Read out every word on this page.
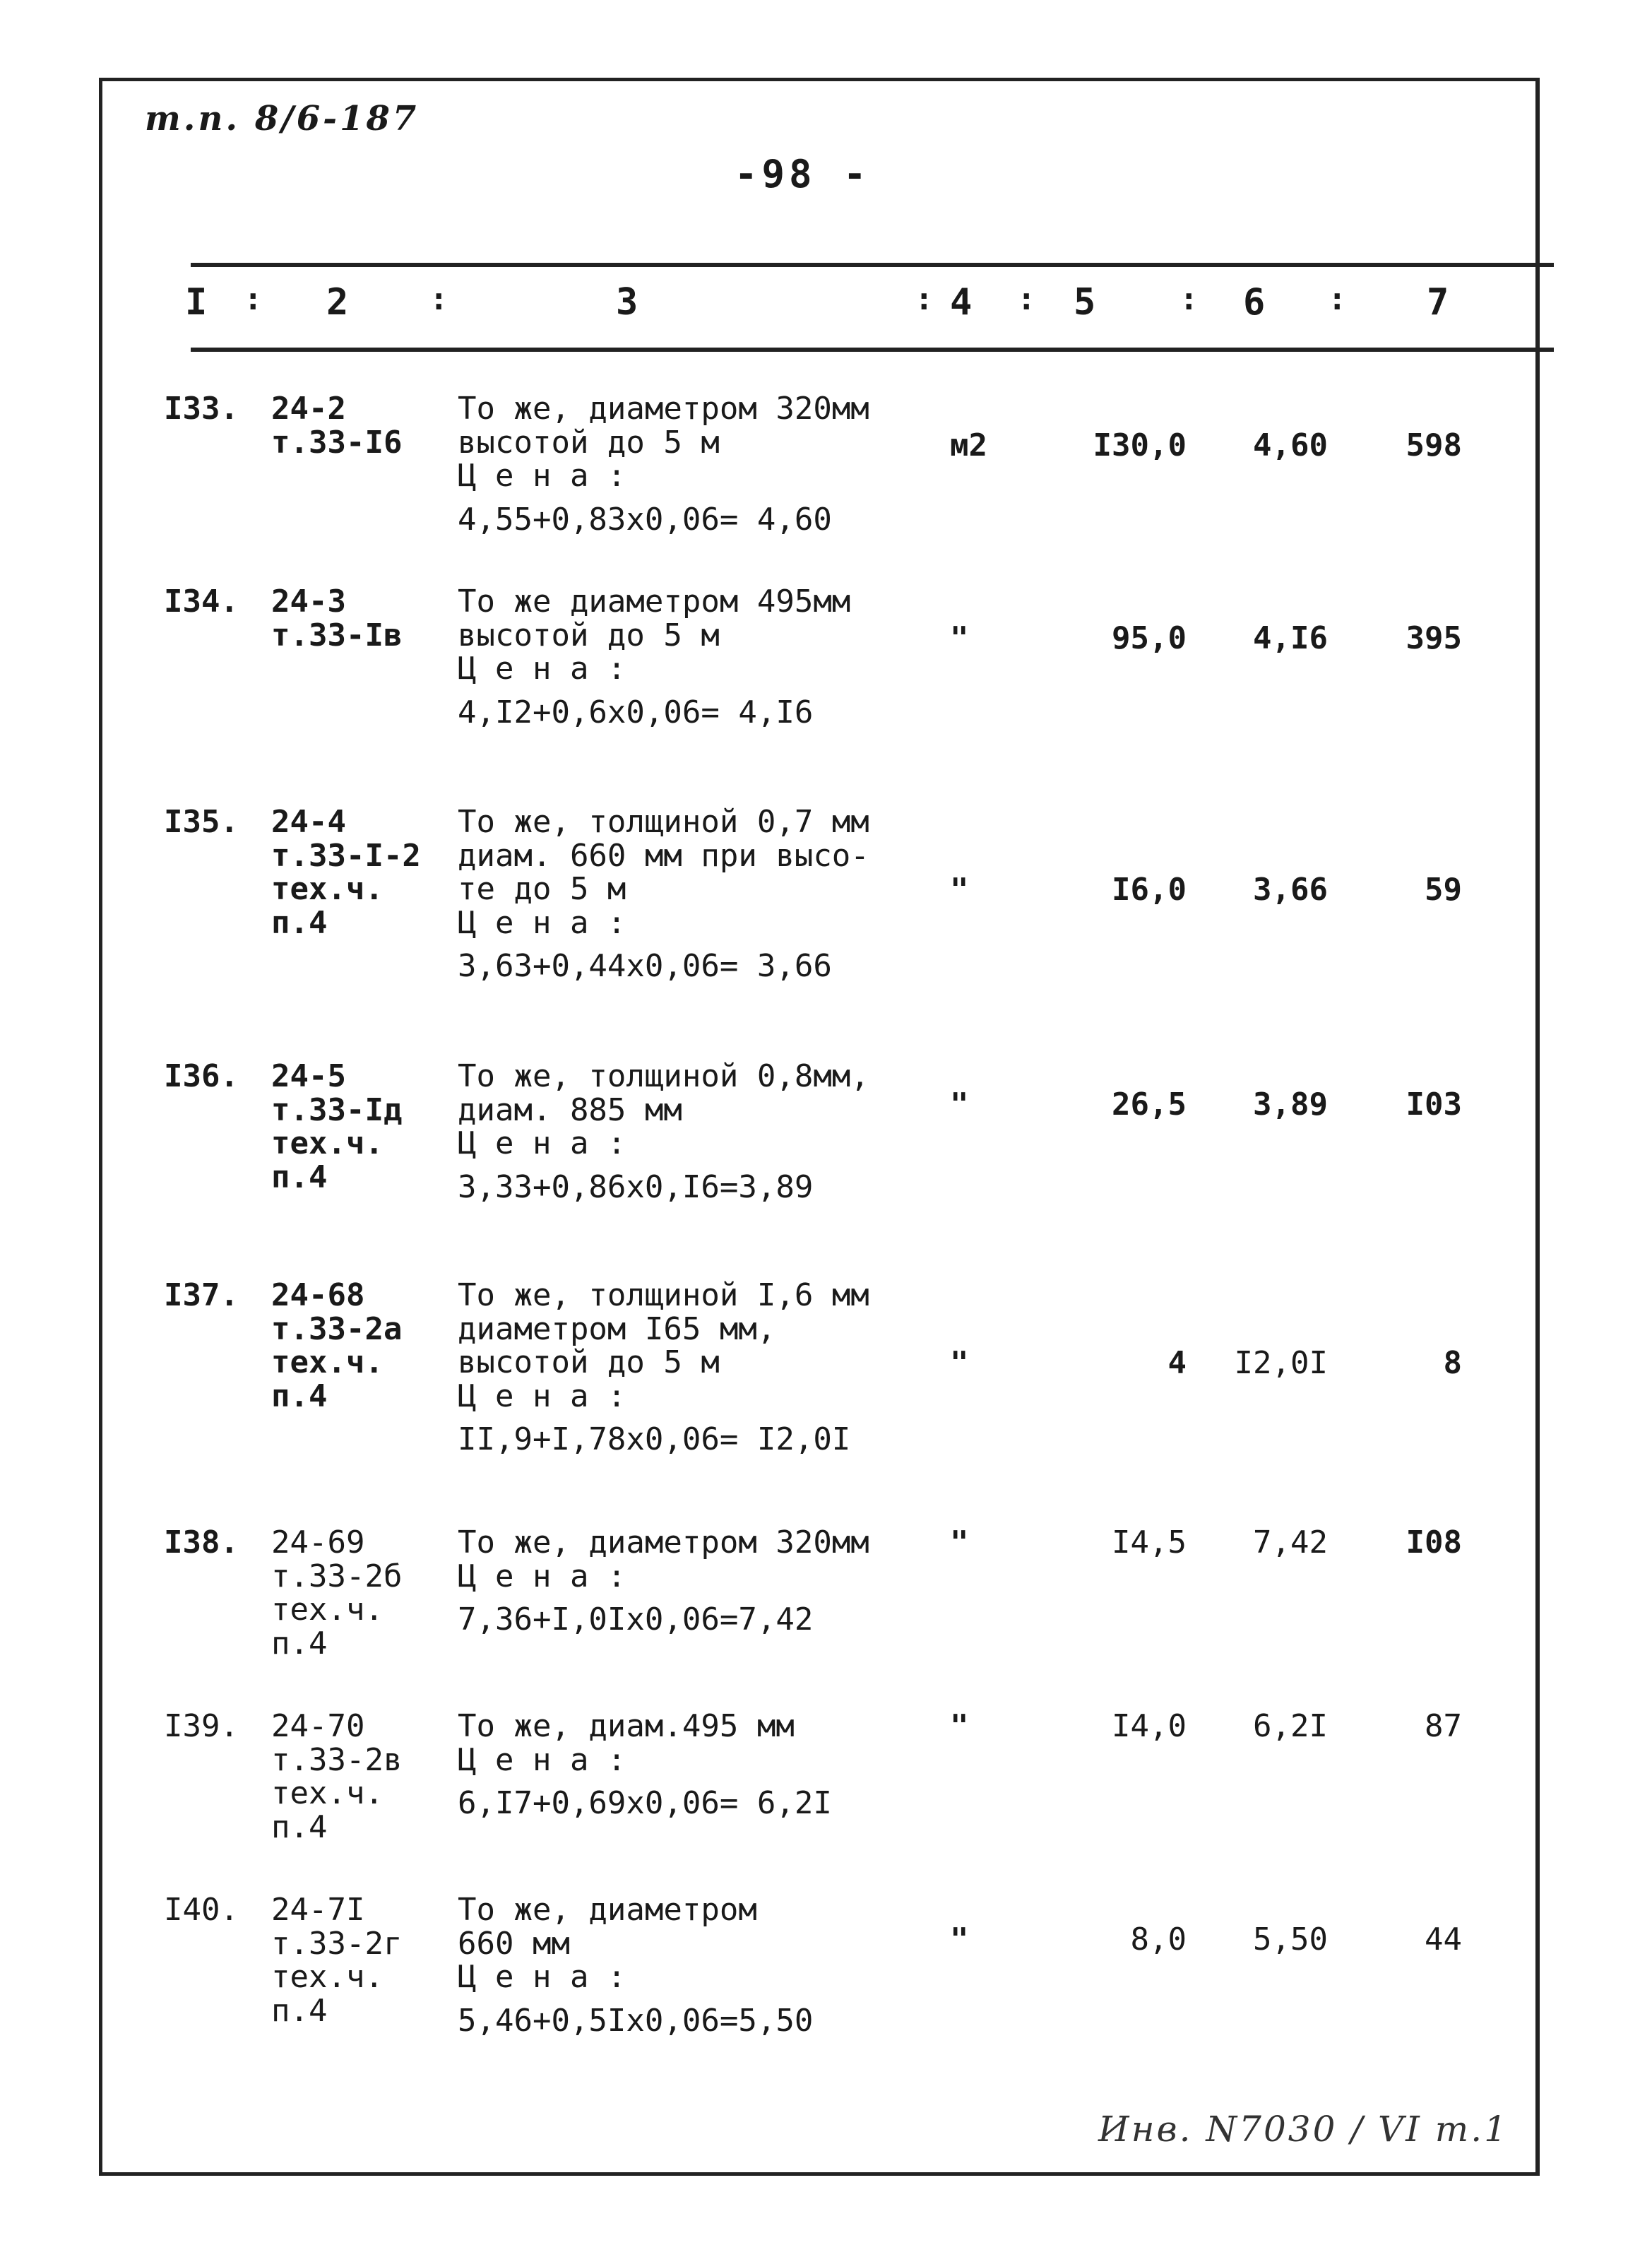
т.п. 8/6-187
-98 -
I : 2	:	3	: 4 : 5	: 6 : 7
I33. 24-2
т.33-I6
То же, диаметром 320мм
высотой до 5 м
Ц е н а :
4,55+0,83х0,06= 4,60
м2	I30,0	4,60	598
I34. 24-3
т.33-Iв
То же диаметром 495мм
высотой до 5 м
Ц е н а :
4,I2+0,6х0,06= 4,I6
"	95,0	4,I6	395
I35. 24-4
т.33-I-2
тех.ч.
п.4
То же, толщиной 0,7 мм
диам. 660 мм при высо-
те до 5 м
Ц е н а :
3,63+0,44х0,06= 3,66
"	I6,0	3,66	59
I36. 24-5
т.33-Iд
тех.ч.
п.4
То же, толщиной 0,8мм,
диам. 885 мм
Ц е н а :
3,33+0,86х0,I6=3,89
"	26,5	3,89	I03
I37. 24-68
т.33-2а
тех.ч.
п.4
То же, толщиной I,6 мм
диаметром I65 мм,
высотой до 5 м
Ц е н а :
II,9+I,78х0,06= I2,0I
"	4	I2,0I	8
I38. 24-69
т.33-2б
тех.ч.
п.4
То же, диаметром 320мм
Ц е н а :
7,36+I,0Iх0,06=7,42
"	I4,5	7,42	I08
I39. 24-70
т.33-2в
тех.ч.
п.4
То же, диам.495 мм
Ц е н а :
6,I7+0,69х0,06= 6,2I
"	I4,0	6,2I	87
I40. 24-7I
т.33-2г
тех.ч.
п.4
То же, диаметром
660 мм
Ц е н а :
5,46+0,5Iх0,06=5,50
"	8,0	5,50	44
Инв. N7030 / VI т.1
